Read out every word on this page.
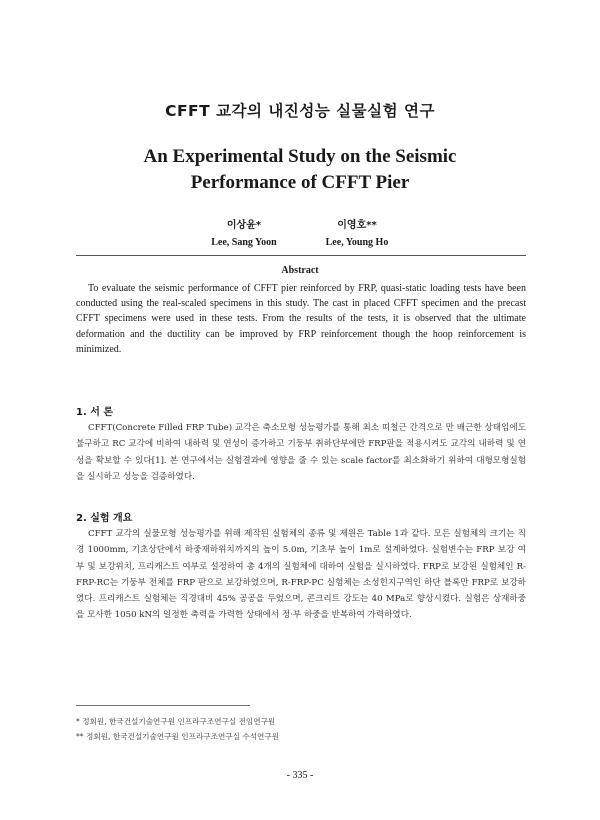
CFFT 교각의 내진성능 실물실험 연구
An Experimental Study on the Seismic
Performance of CFFT Pier
이상윤*
Lee, Sang Yoon
이영호**
Lee, Young Ho
Abstract
To evaluate the seismic performance of CFFT pier reinforced by FRP, quasi-static loading tests have been conducted using the real-scaled specimens in this study. The cast in placed CFFT specimen and the precast CFFT specimens were used in these tests. From the results of the tests, it is observed that the ultimate deformation and the ductility can be improved by FRP reinforcement though the hoop reinforcement is minimized.
1. 서 론
CFFT(Concrete Filled FRP Tube) 교각은 축소모형 성능평가를 통해 최소 띠철근 간격으로 만 배근한 상태임에도 불구하고 RC 교각에 비하여 내하력 및 연성이 증가하고 기둥부 취하단부에만 FRP판을 적용시켜도 교각의 내하력 및 연성을 확보할 수 있다[1]. 본 연구에서는 실험결과에 영향을 줄 수 있는 scale factor를 최소화하기 위하여 대형모형실험을 실시하고 성능을 검증하였다.
2. 실험 개요
CFFT 교각의 실물모형 성능평가를 위해 제작된 실험체의 종류 및 제원은 Table 1과 같다. 모든 실험체의 크기는 직경 1000mm, 기초상단에서 하중재하위치까지의 높이 5.0m, 기초부 높이 1m로 설계하였다. 실험변수는 FRP 보강 여부 및 보강위치, 프리캐스트 여부로 설정하여 총 4개의 실험체에 대하여 실험을 실시하였다. FRP로 보강된 실험체인 R-FRP-RC는 기둥부 전체를 FRP 판으로 보강하였으며, R-FRP-PC 실험체는 소성힌지구역인 하단 블록만 FRP로 보강하였다. 프리캐스트 실험체는 직경대비 45% 공공을 두었으며, 콘크리트 강도는 40 MPa로 향상시켰다. 실험은 상재하중을 모사한 1050 kN의 일정한 축력을 가력한 상태에서 정·부 하중을 반복하여 가력하였다.
* 정회원, 한국건설기술연구원 인프라구조연구실 전임연구원
** 정회원, 한국건설기술연구원 인프라구조연구실 수석연구원
- 335 -
